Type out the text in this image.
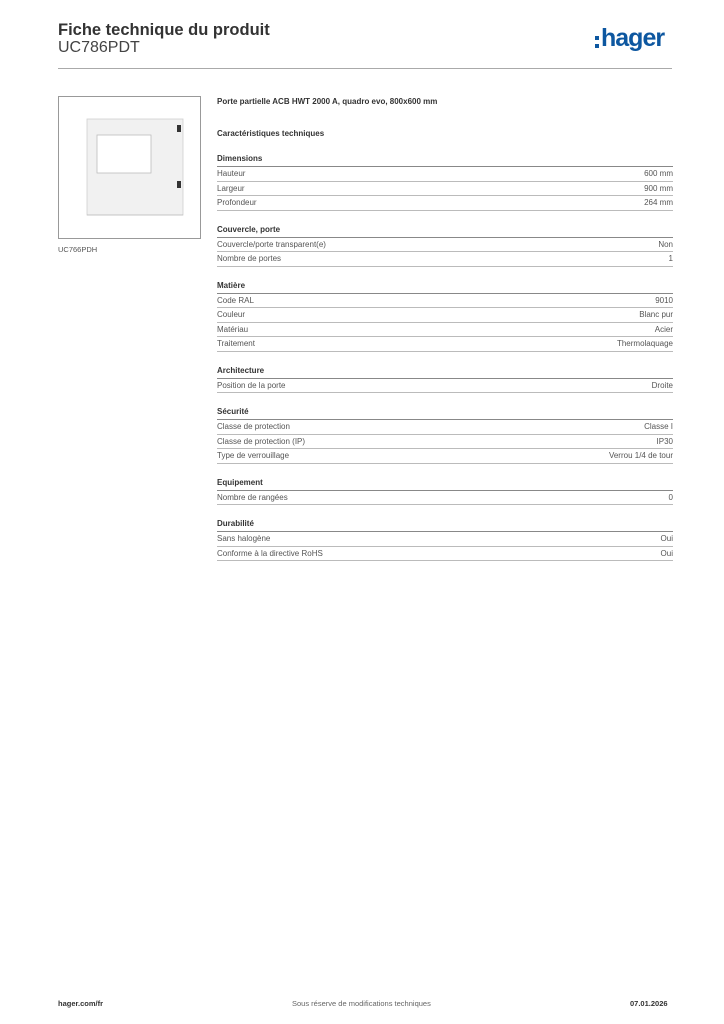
Fiche technique du produit
UC786PDT	hager
UC766PDH
Porte partielle ACB HWT 2000 A, quadro evo, 800x600 mm
Caractéristiques techniques
Dimensions
Hauteur	600 mm
Largeur	900 mm
Profondeur	264 mm
Couvercle, porte
Couvercle/porte transparent(e)	Non
Nombre de portes	1
Matière
Code RAL	9010
Couleur	Blanc pur
Matériau	Acier
Traitement	Thermolaquage
Architecture
Position de la porte	Droite
Sécurité
Classe de protection	Classe I
Classe de protection (IP)	IP30
Type de verrouillage	Verrou 1/4 de tour
Equipement
Nombre de rangées	0
Durabilité
Sans halogène	Oui
Conforme à la directive RoHS	Oui
hager.com/fr	Sous réserve de modifications techniques	07.01.2026
